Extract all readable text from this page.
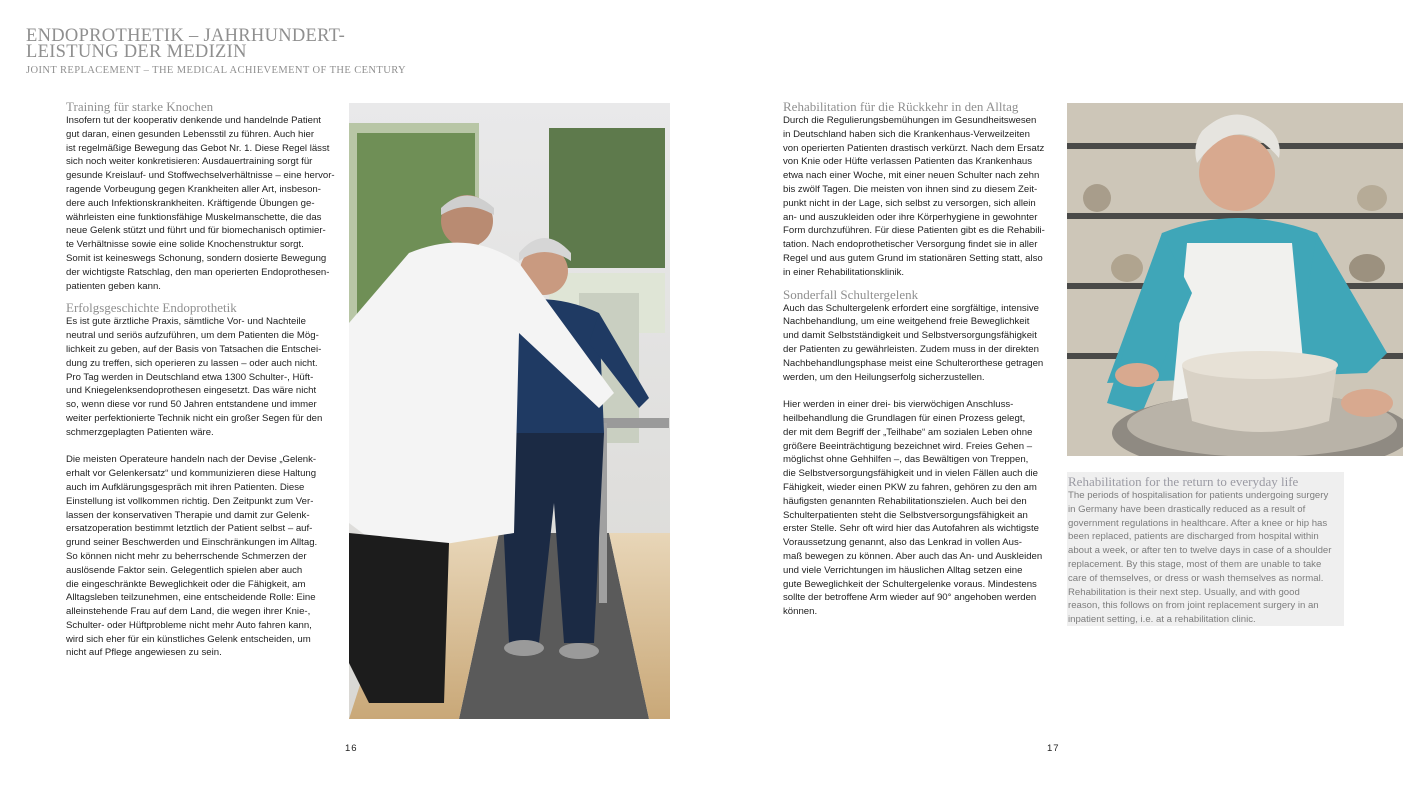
ENDOPROTHETIK – JAHRHUNDERT-
LEISTUNG DER MEDIZIN
JOINT REPLACEMENT – THE MEDICAL ACHIEVEMENT OF THE CENTURY
Training für starke Knochen

Insofern tut der kooperativ denkende und handelnde Patient
gut daran, einen gesunden Lebensstil zu führen. Auch hier
ist regelmäßige Bewegung das Gebot Nr. 1. Diese Regel lässt
sich noch weiter konkretisieren: Ausdauertraining sorgt für
gesunde Kreislauf- und Stoffwechselverhältnisse – eine hervor-
ragende Vorbeugung gegen Krankheiten aller Art, insbeson-
dere auch Infektionskrankheiten. Kräftigende Übungen ge-
währleisten eine funktionsfähige Muskelmanschette, die das
neue Gelenk stützt und führt und für biomechanisch optimier-
te Verhältnisse sowie eine solide Knochenstruktur sorgt.
Somit ist keineswegs Schonung, sondern dosierte Bewegung
der wichtigste Ratschlag, den man operierten Endoprothesen-
patienten geben kann.

Erfolgsgeschichte Endoprothetik

Es ist gute ärztliche Praxis, sämtliche Vor- und Nachteile
neutral und seriös aufzuführen, um dem Patienten die Mög-
lichkeit zu geben, auf der Basis von Tatsachen die Entschei-
dung zu treffen, sich operieren zu lassen – oder auch nicht.
Pro Tag werden in Deutschland etwa 1300 Schulter-, Hüft-
und Kniegelenksendoprothesen eingesetzt. Das wäre nicht
so, wenn diese vor rund 50 Jahren entstandene und immer
weiter perfektionierte Technik nicht ein großer Segen für den
schmerzgeplagten Patienten wäre.

Die meisten Operateure handeln nach der Devise „Gelenk-
erhalt vor Gelenkersatz“ und kommunizieren diese Haltung
auch im Aufklärungsgespräch mit ihren Patienten. Diese
Einstellung ist vollkommen richtig. Den Zeitpunkt zum Ver-
lassen der konservativen Therapie und damit zur Gelenk-
ersatzoperation bestimmt letztlich der Patient selbst – auf-
grund seiner Beschwerden und Einschränkungen im Alltag.
So können nicht mehr zu beherrschende Schmerzen der
auslösende Faktor sein. Gelegentlich spielen aber auch
die eingeschränkte Beweglichkeit oder die Fähigkeit, am
Alltagsleben teilzunehmen, eine entscheidende Rolle: Eine
alleinstehende Frau auf dem Land, die wegen ihrer Knie-,
Schulter- oder Hüftprobleme nicht mehr Auto fahren kann,
wird sich eher für ein künstliches Gelenk entscheiden, um
nicht auf Pflege angewiesen zu sein.

Rehabilitation für die Rückkehr in den Alltag

Durch die Regulierungsbemühungen im Gesundheitswesen
in Deutschland haben sich die Krankenhaus-Verweilzeiten
von operierten Patienten drastisch verkürzt. Nach dem Ersatz
von Knie oder Hüfte verlassen Patienten das Krankenhaus
etwa nach einer Woche, mit einer neuen Schulter nach zehn
bis zwölf Tagen. Die meisten von ihnen sind zu diesem Zeit-
punkt nicht in der Lage, sich selbst zu versorgen, sich allein
an- und auszukleiden oder ihre Körperhygiene in gewohnter
Form durchzuführen. Für diese Patienten gibt es die Rehabili-
tation. Nach endoprothetischer Versorgung findet sie in aller
Regel und aus gutem Grund im stationären Setting statt, also
in einer Rehabilitationsklinik.

Sonderfall Schultergelenk

Auch das Schultergelenk erfordert eine sorgfältige, intensive
Nachbehandlung, um eine weitgehend freie Beweglichkeit
und damit Selbstständigkeit und Selbstversorgungsfähigkeit
der Patienten zu gewährleisten. Zudem muss in der direkten
Nachbehandlungsphase meist eine Schulterorthese getragen
werden, um den Heilungserfolg sicherzustellen.

Hier werden in einer drei- bis vierwöchigen Anschluss-
heilbehandlung die Grundlagen für einen Prozess gelegt,
der mit dem Begriff der „Teilhabe“ am sozialen Leben ohne
größere Beeinträchtigung bezeichnet wird. Freies Gehen –
möglichst ohne Gehhilfen –, das Bewältigen von Treppen,
die Selbstversorgungsfähigkeit und in vielen Fällen auch die
Fähigkeit, wieder einen PKW zu fahren, gehören zu den am
häufigsten genannten Rehabilitationszielen. Auch bei den
Schulterpatienten steht die Selbstversorgungsfähigkeit an
erster Stelle. Sehr oft wird hier das Autofahren als wichtigste
Voraussetzung genannt, also das Lenkrad in vollen Aus-
maß bewegen zu können. Aber auch das An- und Auskleiden
und viele Verrichtungen im häuslichen Alltag setzen eine
gute Beweglichkeit der Schultergelenke voraus. Mindestens
sollte der betroffene Arm wieder auf 90° angehoben werden
können.

Rehabilitation for the return to everyday life

The periods of hospitalisation for patients undergoing surgery
in Germany have been drastically reduced as a result of
government regulations in healthcare. After a knee or hip has
been replaced, patients are discharged from hospital within
about a week, or after ten to twelve days in case of a shoulder
replacement. By this stage, most of them are unable to take
care of themselves, or dress or wash themselves as normal.
Rehabilitation is their next step. Usually, and with good
reason, this follows on from joint replacement surgery in an
inpatient setting, i.e. at a rehabilitation clinic.

16	17
